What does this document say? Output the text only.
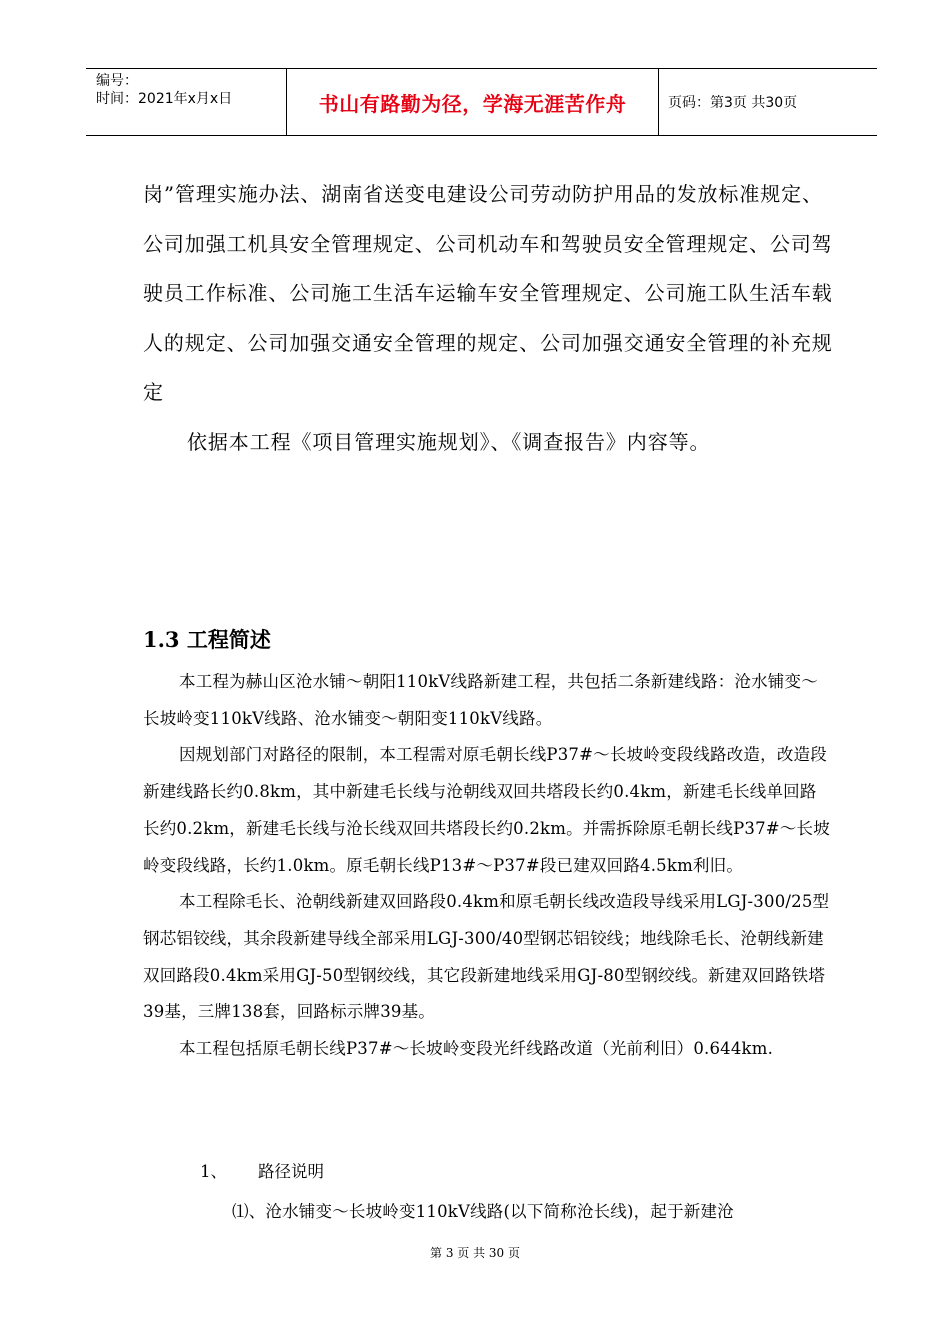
编号：
时间：2021年x月x日	书山有路勤为径，学海无涯苦作舟	页码：第3页 共30页

岗”管理实施办法、湖南省送变电建设公司劳动防护用品的发放标准规定、公司加强工机具安全管理规定、公司机动车和驾驶员安全管理规定、公司驾驶员工作标准、公司施工生活车运输车安全管理规定、公司施工队生活车载人的规定、公司加强交通安全管理的规定、公司加强交通安全管理的补充规定

依据本工程《项目管理实施规划》、《调查报告》内容等。

1.3 工程简述

本工程为赫山区沧水铺～朝阳110kV线路新建工程，共包括二条新建线路：沧水铺变～长坡岭变110kV线路、沧水铺变～朝阳变110kV线路。

因规划部门对路径的限制，本工程需对原毛朝长线P37#～长坡岭变段线路改造，改造段新建线路长约0.8km，其中新建毛长线与沧朝线双回共塔段长约0.4km，新建毛长线单回路长约0.2km，新建毛长线与沧长线双回共塔段长约0.2km。并需拆除原毛朝长线P37#～长坡岭变段线路，长约1.0km。原毛朝长线P13#～P37#段已建双回路4.5km利旧。

本工程除毛长、沧朝线新建双回路段0.4km和原毛朝长线改造段导线采用LGJ-300/25型钢芯铝铰线，其余段新建导线全部采用LGJ-300/40型钢芯铝铰线；地线除毛长、沧朝线新建双回路段0.4km采用GJ-50型钢绞线，其它段新建地线采用GJ-80型钢绞线。新建双回路铁塔39基，三牌138套，回路标示牌39基。

本工程包括原毛朝长线P37#～长坡岭变段光纤线路改道（光前利旧）0.644km.

1、	路径说明
⑴、沧水铺变～长坡岭变110kV线路(以下简称沧长线)，起于新建沧
第 3 页 共 30 页
